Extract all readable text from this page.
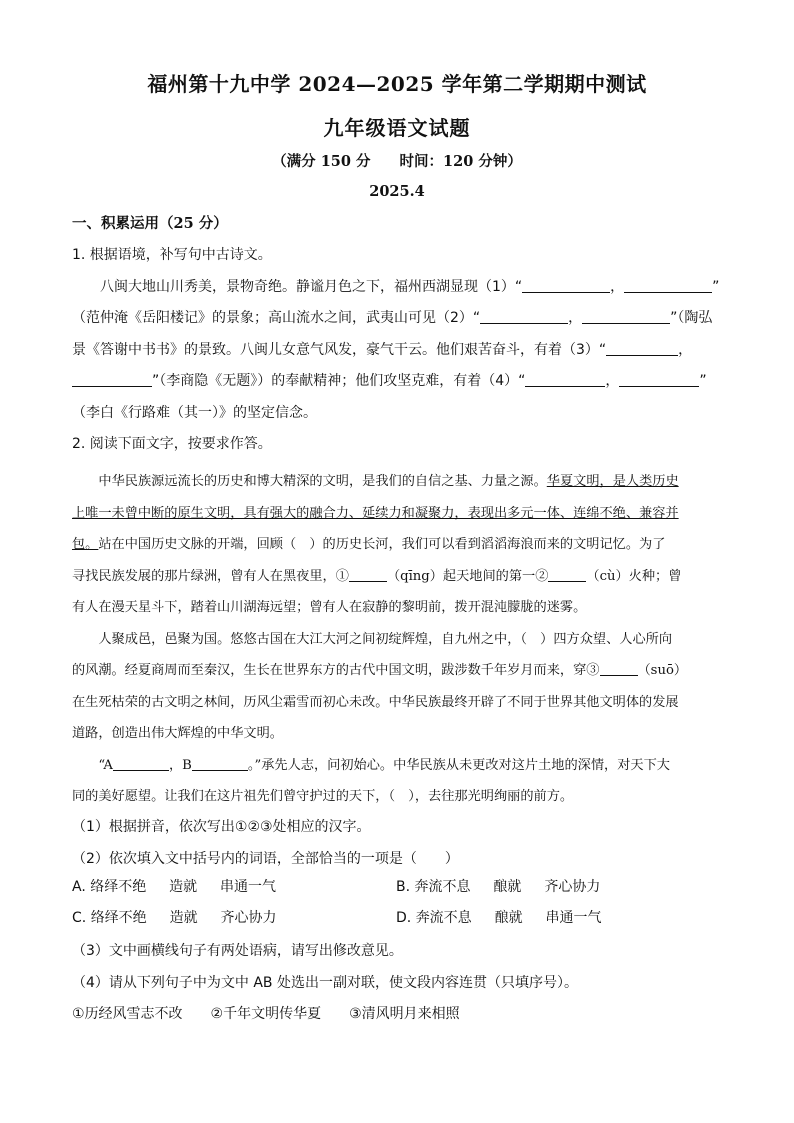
福州第十九中学 2024—2025 学年第二学期期中测试
九年级语文试题
（满分 150 分　　时间：120 分钟）
2025.4
一、积累运用（25 分）

1. 根据语境，补写句中古诗文。

八闽大地山川秀美，景物奇绝。静谧月色之下，福州西湖显现（1）“	，	”

（范仲淹《岳阳楼记》的景象；高山流水之间，武夷山可见（2）“	，	”（陶弘

景《答谢中书书》的景致。八闽儿女意气风发，豪气干云。他们艰苦奋斗，有着（3）“	，

”（李商隐《无题》）的奉献精神；他们攻坚克难，有着（4）“	，	”

（李白《行路难（其一）》的坚定信念。

2. 阅读下面文字，按要求作答。

中华民族源远流长的历史和博大精深的文明，是我们的自信之基、力量之源。华夏文明，是人类历史
上唯一未曾中断的原生文明，具有强大的融合力、延续力和凝聚力，表现出多元一体、连绵不绝、兼容并
包。站在中国历史文脉的开端，回顾（　）的历史长河，我们可以看到滔滔海浪而来的文明记忆。为了
寻找民族发展的那片绿洲，曾有人在黑夜里，①	（qīng）起天地间的第一②	（cù）火种；曾
有人在漫天星斗下，踏着山川湖海远望；曾有人在寂静的黎明前，拨开混沌朦胧的迷雾。

人聚成邑，邑聚为国。悠悠古国在大江大河之间初绽辉煌，自九州之中，（　）四方众望、人心所向
的风潮。经夏商周而至秦汉，生长在世界东方的古代中国文明，跋涉数千年岁月而来，穿③	（suō）
在生死枯荣的古文明之林间，历风尘霜雪而初心未改。中华民族最终开辟了不同于世界其他文明体的发展
道路，创造出伟大辉煌的中华文明。

“A	，B	。”承先人志，问初始心。中华民族从未更改对这片土地的深情，对天下大
同的美好愿望。让我们在这片祖先们曾守护过的天下，（　），去往那光明绚丽的前方。

（1）根据拼音，依次写出①②③处相应的汉字。

（2）依次填入文中括号内的词语，全部恰当的一项是（　　）

A. 络绎不绝　  造就　  串通一气	B. 奔流不息　  酿就　  齐心协力
C. 络绎不绝　  造就　  齐心协力	D. 奔流不息　  酿就　  串通一气

（3）文中画横线句子有两处语病，请写出修改意见。

（4）请从下列句子中为文中 AB 处选出一副对联，使文段内容连贯（只填序号）。

①历经风雪志不改　　②千年文明传华夏　　③清风明月来相照
